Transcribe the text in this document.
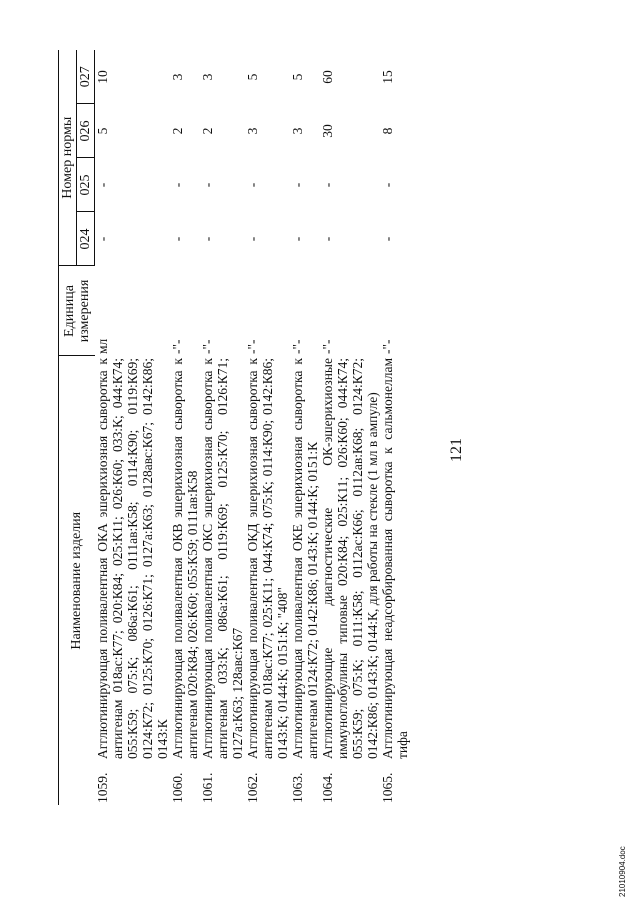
121
Наименование изделия		Единица измерения	Номер нормы			
			024	025	026	027
1059.	Агглютинирующая поливалентная ОКА эшерихиозная сыворотка к антигенам 018ас:К77; 020:К84; 025:К11; 026:К60; 033:К; 044:К74; 055:К59; 075:К; 086а:К61; 0111ав:К58; 0114:К90; 0119:К69; 0124:К72; 0125:К70; 0126:К71; 0127а:К63; 0128авс:К67; 0142:К86; 0143:К	мл	-	-	5	10
1060.	Агглютинирующая поливалентная ОКВ эшерихиозная сыворотка к антигенам 020:К84; 026:К60; 055:К59; 0111ав:К58	-"-	-	-	2	3
1061.	Агглютинирующая поливалентная ОКС эшерихиозная сыворотка к антигенам 033:К; 086а:К61; 0119:К69; 0125:К70; 0126:К71; 0127а:К63; 128авс:К67	-"-	-	-	2	3
1062.	Агглютинирующая поливалентная ОКД эшерихиозная сыворотка к антигенам 018ас:К77; 025:К11; 044:К74; 075:К; 0114:К90; 0142:К86; 0143:К; 0144:К; 0151:К; "408"	-"-	-	-	3	5
1063.	Агглютинирующая поливалентная ОКЕ эшерихиозная сыворотка к антигенам 0124:К72; 0142:К86; 0143:К; 0144:К; 0151:К	-"-	-	-	3	5
1064.	Агглютинирующие диагностические ОК-эшерихиозные иммуноглобулины типовые 020:К84; 025:К11; 026:К60; 044:К74; 055:К59; 075:К; 0111:К58; 0112ас:К66; 0112ав:К68; 0124:К72; 0142:К86; 0143:К; 0144:К, для работы на стекле (1 мл в ампуле)	-"-	-	-	30	60
1065.	Агглютинирующая неадсорбированная сыворотка к сальмонеллам тифа	-"-	-	-	8	15
21010904.doc
